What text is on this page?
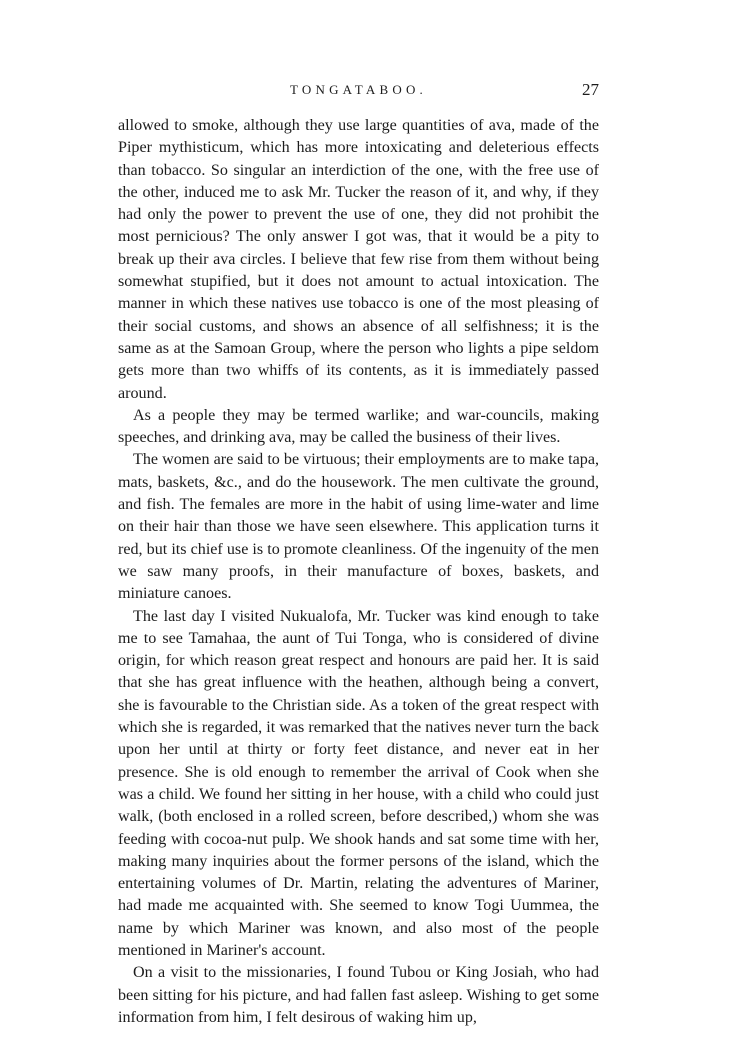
TONGATABOO.	27

allowed to smoke, although they use large quantities of ava, made of the Piper mythisticum, which has more intoxicating and deleterious effects than tobacco. So singular an interdiction of the one, with the free use of the other, induced me to ask Mr. Tucker the reason of it, and why, if they had only the power to prevent the use of one, they did not prohibit the most pernicious? The only answer I got was, that it would be a pity to break up their ava circles. I believe that few rise from them without being somewhat stupified, but it does not amount to actual intoxication. The manner in which these natives use tobacco is one of the most pleasing of their social customs, and shows an absence of all selfishness; it is the same as at the Samoan Group, where the person who lights a pipe seldom gets more than two whiffs of its contents, as it is immediately passed around.

As a people they may be termed warlike; and war-councils, making speeches, and drinking ava, may be called the business of their lives.

The women are said to be virtuous; their employments are to make tapa, mats, baskets, &c., and do the housework. The men cultivate the ground, and fish. The females are more in the habit of using lime-water and lime on their hair than those we have seen elsewhere. This application turns it red, but its chief use is to promote cleanliness. Of the ingenuity of the men we saw many proofs, in their manufacture of boxes, baskets, and miniature canoes.

The last day I visited Nukualofa, Mr. Tucker was kind enough to take me to see Tamahaa, the aunt of Tui Tonga, who is considered of divine origin, for which reason great respect and honours are paid her. It is said that she has great influence with the heathen, although being a convert, she is favourable to the Christian side. As a token of the great respect with which she is regarded, it was remarked that the natives never turn the back upon her until at thirty or forty feet distance, and never eat in her presence. She is old enough to remember the arrival of Cook when she was a child. We found her sitting in her house, with a child who could just walk, (both enclosed in a rolled screen, before described,) whom she was feeding with cocoa-nut pulp. We shook hands and sat some time with her, making many inquiries about the former persons of the island, which the entertaining volumes of Dr. Martin, relating the adventures of Mariner, had made me acquainted with. She seemed to know Togi Uummea, the name by which Mariner was known, and also most of the people mentioned in Mariner's account.

On a visit to the missionaries, I found Tubou or King Josiah, who had been sitting for his picture, and had fallen fast asleep. Wishing to get some information from him, I felt desirous of waking him up,
